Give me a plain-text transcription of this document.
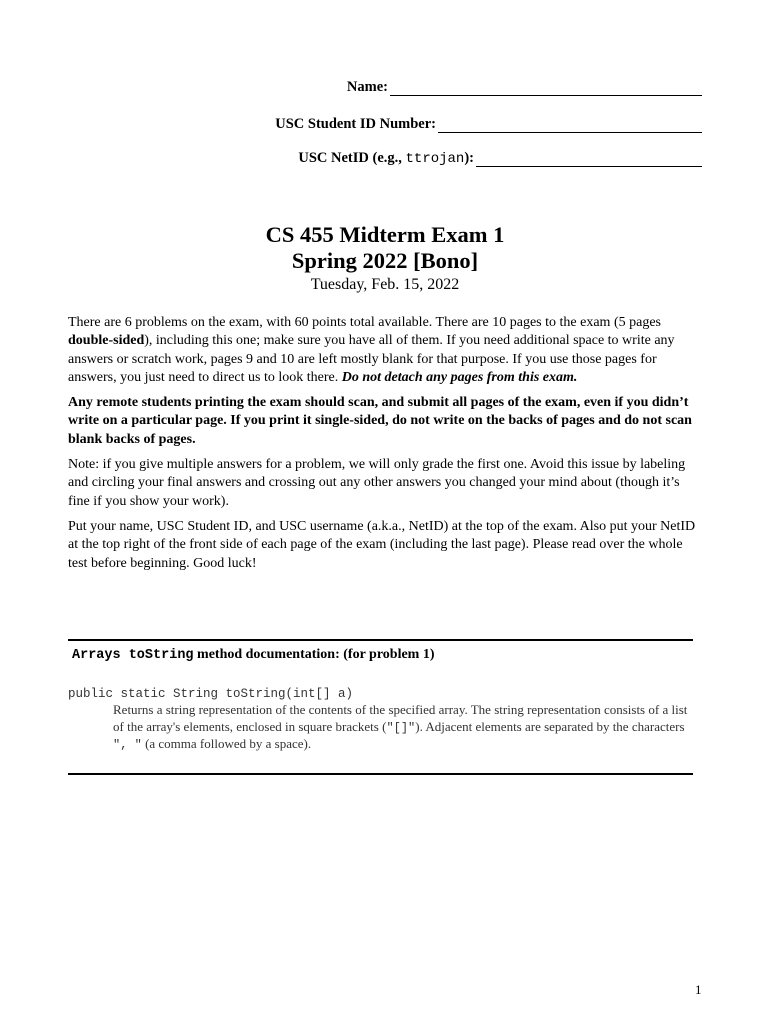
Name:
USC Student ID Number:
USC NetID (e.g., ttrojan):
CS 455 Midterm Exam 1
Spring 2022 [Bono]
Tuesday, Feb. 15, 2022

There are 6 problems on the exam, with 60 points total available. There are 10 pages to the exam (5 pages double-sided), including this one; make sure you have all of them. If you need additional space to write any answers or scratch work, pages 9 and 10 are left mostly blank for that purpose. If you use those pages for answers, you just need to direct us to look there. Do not detach any pages from this exam.

Any remote students printing the exam should scan, and submit all pages of the exam, even if you didn’t write on a particular page. If you print it single-sided, do not write on the backs of pages and do not scan blank backs of pages.

Note: if you give multiple answers for a problem, we will only grade the first one. Avoid this issue by labeling and circling your final answers and crossing out any other answers you changed your mind about (though it’s fine if you show your work).

Put your name, USC Student ID, and USC username (a.k.a., NetID) at the top of the exam. Also put your NetID at the top right of the front side of each page of the exam (including the last page). Please read over the whole test before beginning. Good luck!

Arrays toString method documentation: (for problem 1)
public static String toString(int[] a)
Returns a string representation of the contents of the specified array. The string representation consists of a list of the array's elements, enclosed in square brackets ("[]"). Adjacent elements are separated by the characters ", " (a comma followed by a space).
1
